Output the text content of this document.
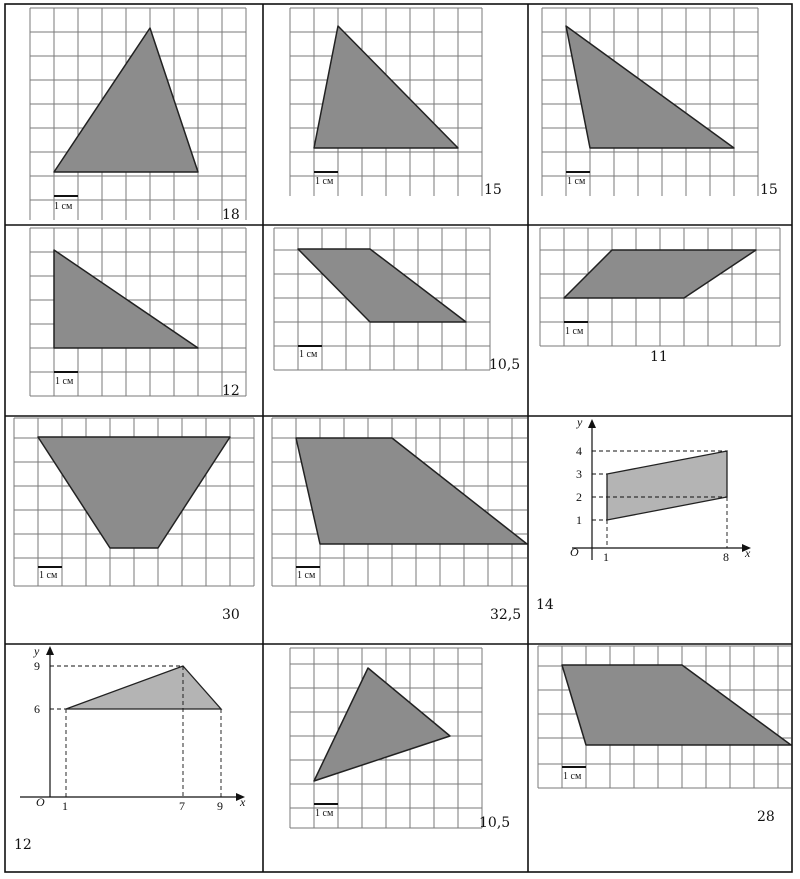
1 см
18
1 см
15
1 см
15
1 см
12
1 см
10,5
1 см
11
1 см
30
1 см
32,5
y
x
O
1
2
3
4
1	8
14
y
x
O
9
6
1	7	9
12
1 см
10,5
1 см
28
